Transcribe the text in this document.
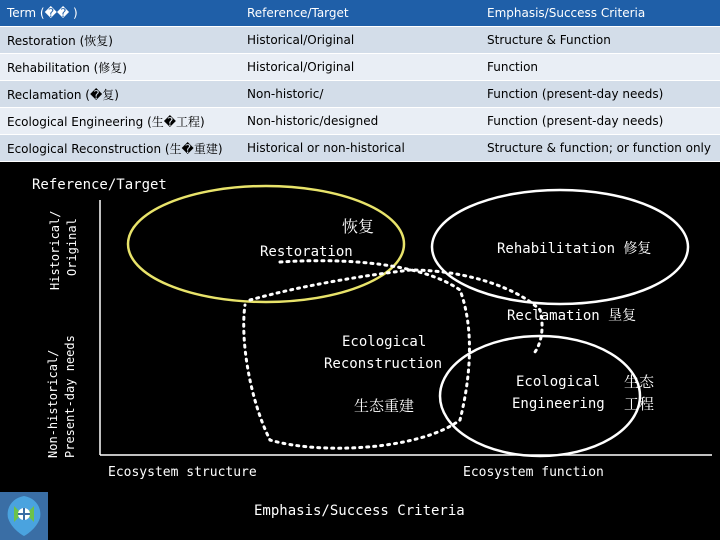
Term (�� )	Reference/Target	Emphasis/Success Criteria
Restoration (恢复)	Historical/Original	Structure & Function
Rehabilitation (修复)	Historical/Original	Function
Reclamation (�复)	Non-historic/	Function (present-day needs)
Ecological Engineering (生�工程)	Non-historic/designed	Function (present-day needs)
Ecological Reconstruction (生�重建)	Historical or non-historical	Structure & function; or function only
Reference/Target
Historical/ Original
Non-historical/ Present-day needs
恢复
Restoration	Rehabilitation 修复
Reclamation 垦复
Ecological
Reconstruction
生态重建
Ecological
Engineering
生态
工程
Ecosystem structure	Ecosystem function
Emphasis/Success Criteria
